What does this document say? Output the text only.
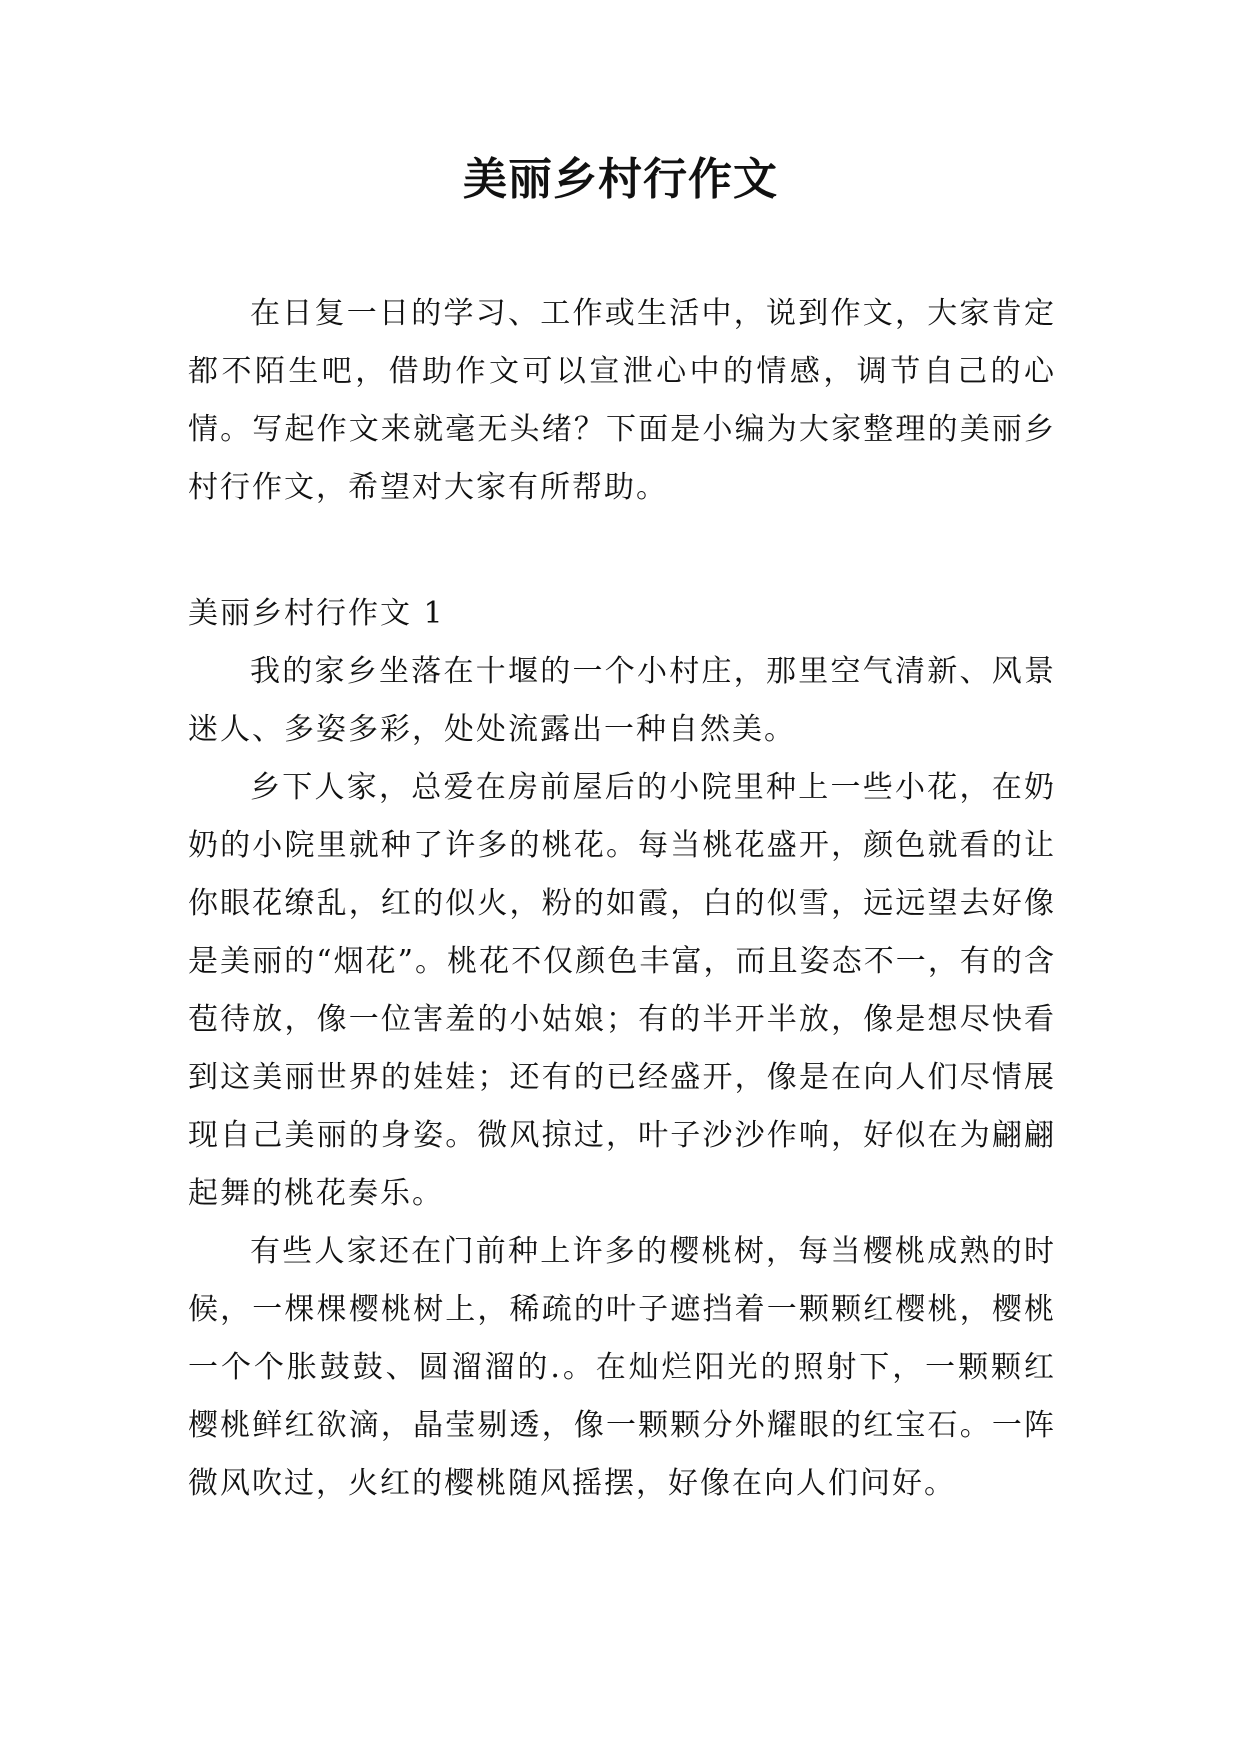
美丽乡村行作文

在日复一日的学习、工作或生活中，说到作文，大家肯定都不陌生吧，借助作文可以宣泄心中的情感，调节自己的心情。写起作文来就毫无头绪？下面是小编为大家整理的美丽乡村行作文，希望对大家有所帮助。

美丽乡村行作文 1

我的家乡坐落在十堰的一个小村庄，那里空气清新、风景迷人、多姿多彩，处处流露出一种自然美。

乡下人家，总爱在房前屋后的小院里种上一些小花，在奶奶的小院里就种了许多的桃花。每当桃花盛开，颜色就看的让你眼花缭乱，红的似火，粉的如霞，白的似雪，远远望去好像是美丽的“烟花”。桃花不仅颜色丰富，而且姿态不一，有的含苞待放，像一位害羞的小姑娘；有的半开半放，像是想尽快看到这美丽世界的娃娃；还有的已经盛开，像是在向人们尽情展现自己美丽的身姿。微风掠过，叶子沙沙作响，好似在为翩翩起舞的桃花奏乐。

有些人家还在门前种上许多的樱桃树，每当樱桃成熟的时候，一棵棵樱桃树上，稀疏的叶子遮挡着一颗颗红樱桃，樱桃一个个胀鼓鼓、圆溜溜的.。在灿烂阳光的照射下，一颗颗红樱桃鲜红欲滴，晶莹剔透，像一颗颗分外耀眼的红宝石。一阵微风吹过，火红的樱桃随风摇摆，好像在向人们问好。
